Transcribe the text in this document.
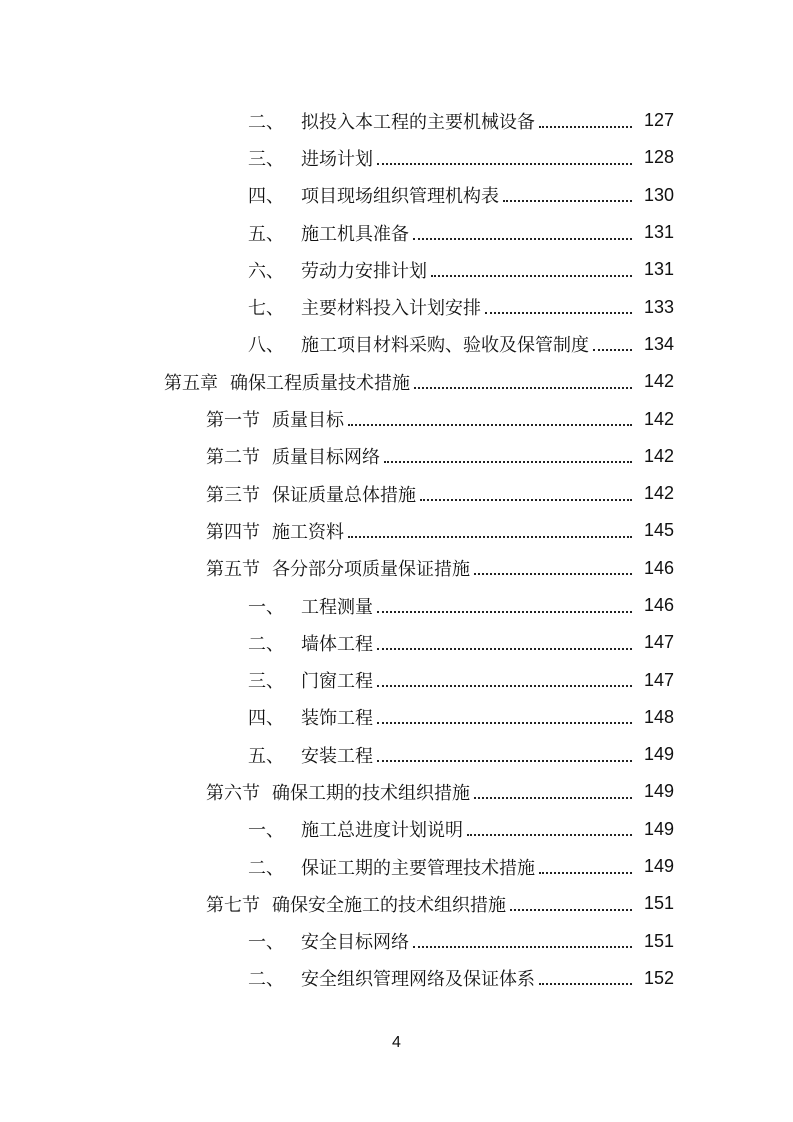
二、 拟投入本工程的主要机械设备	127
三、 进场计划	128
四、 项目现场组织管理机构表	130
五、 施工机具准备	131
六、 劳动力安排计划	131
七、 主要材料投入计划安排	133
八、 施工项目材料采购、验收及保管制度	134
第五章 确保工程质量技术措施	142
第一节 质量目标	142
第二节 质量目标网络	142
第三节 保证质量总体措施	142
第四节 施工资料	145
第五节 各分部分项质量保证措施	146
一、 工程测量	146
二、 墙体工程	147
三、 门窗工程	147
四、 装饰工程	148
五、 安装工程	149
第六节 确保工期的技术组织措施	149
一、 施工总进度计划说明	149
二、 保证工期的主要管理技术措施	149
第七节 确保安全施工的技术组织措施	151
一、 安全目标网络	151
二、 安全组织管理网络及保证体系	152
4
